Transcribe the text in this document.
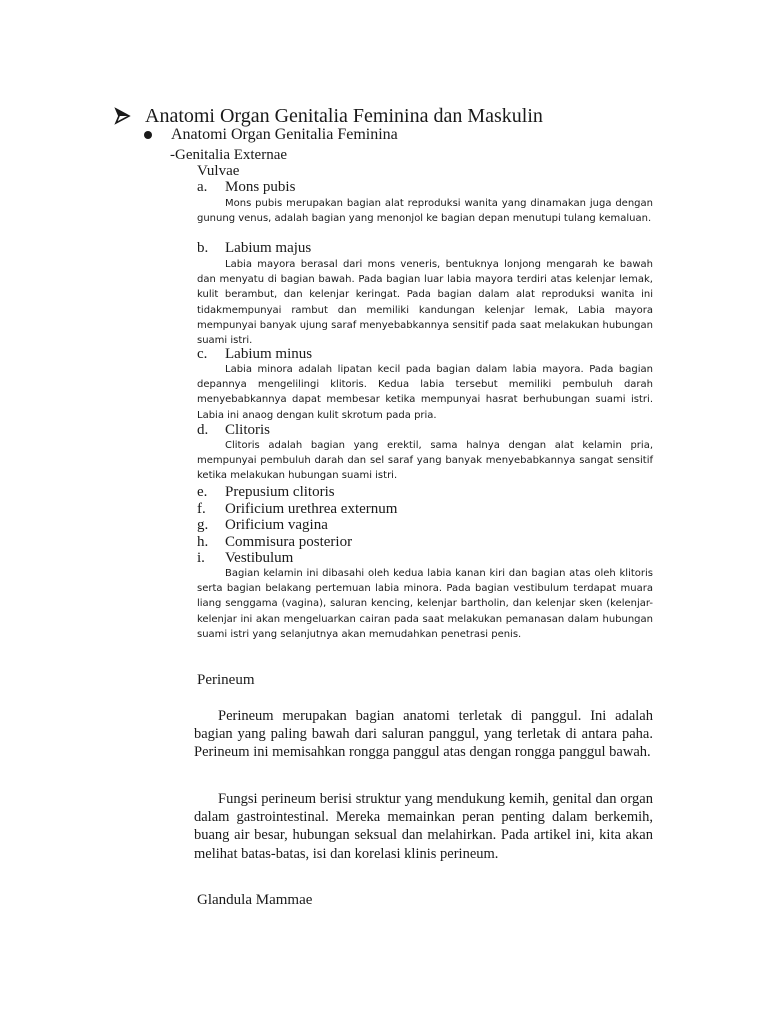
Anatomi Organ Genitalia Feminina dan Maskulin
Anatomi Organ Genitalia Feminina
-Genitalia Externae
Vulvae
a. Mons pubis

Mons pubis merupakan bagian alat reproduksi wanita yang dinamakan juga dengan gunung venus, adalah bagian yang menonjol ke bagian depan menutupi tulang kemaluan.

b. Labium majus

Labia mayora berasal dari mons veneris, bentuknya lonjong mengarah ke bawah dan menyatu di bagian bawah. Pada bagian luar labia mayora terdiri atas kelenjar lemak, kulit berambut, dan kelenjar keringat. Pada bagian dalam alat reproduksi wanita ini tidakmempunyai rambut dan memiliki kandungan kelenjar lemak, Labia mayora mempunyai banyak ujung saraf menyebabkannya sensitif pada saat melakukan hubungan suami istri.

c. Labium minus

Labia minora adalah lipatan kecil pada bagian dalam labia mayora. Pada bagian depannya mengelilingi klitoris. Kedua labia tersebut memiliki pembuluh darah menyebabkannya dapat membesar ketika mempunyai hasrat berhubungan suami istri. Labia ini anaog dengan kulit skrotum pada pria.

d. Clitoris

Clitoris adalah bagian yang erektil, sama halnya dengan alat kelamin pria, mempunyai pembuluh darah dan sel saraf yang banyak menyebabkannya sangat sensitif ketika melakukan hubungan suami istri.

e. Prepusium clitoris
f. Orificium urethrea externum
g. Orificium vagina
h. Commisura posterior
i. Vestibulum

Bagian kelamin ini dibasahi oleh kedua labia kanan kiri dan bagian atas oleh klitoris serta bagian belakang pertemuan labia minora. Pada bagian vestibulum terdapat muara liang senggama (vagina), saluran kencing, kelenjar bartholin, dan kelenjar sken (kelenjar-kelenjar ini akan mengeluarkan cairan pada saat melakukan pemanasan dalam hubungan suami istri yang selanjutnya akan memudahkan penetrasi penis.

Perineum

Perineum merupakan bagian anatomi terletak di panggul. Ini adalah bagian yang paling bawah dari saluran panggul, yang terletak di antara paha. Perineum ini memisahkan rongga panggul atas dengan rongga panggul bawah.

Fungsi perineum berisi struktur yang mendukung kemih, genital dan organ dalam gastrointestinal. Mereka memainkan peran penting dalam berkemih, buang air besar, hubungan seksual dan melahirkan. Pada artikel ini, kita akan melihat batas-batas, isi dan korelasi klinis perineum.

Glandula Mammae
